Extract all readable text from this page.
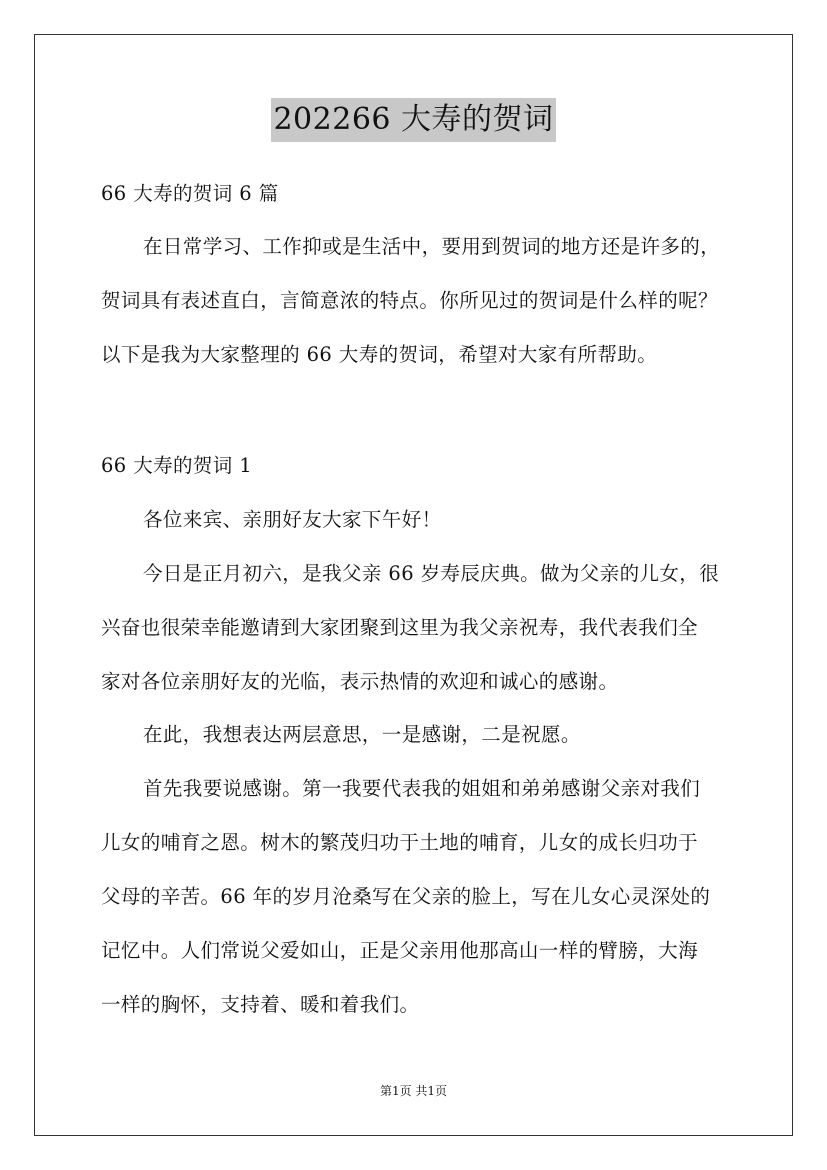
202266 大寿的贺词
66 大寿的贺词 6 篇
在日常学习、工作抑或是生活中，要用到贺词的地方还是许多的，
贺词具有表述直白，言简意浓的特点。你所见过的贺词是什么样的呢？
以下是我为大家整理的 66 大寿的贺词，希望对大家有所帮助。
66 大寿的贺词 1
各位来宾、亲朋好友大家下午好！
今日是正月初六，是我父亲 66 岁寿辰庆典。做为父亲的儿女，很
兴奋也很荣幸能邀请到大家团聚到这里为我父亲祝寿，我代表我们全
家对各位亲朋好友的光临，表示热情的欢迎和诚心的感谢。
在此，我想表达两层意思，一是感谢，二是祝愿。
首先我要说感谢。第一我要代表我的姐姐和弟弟感谢父亲对我们
儿女的哺育之恩。树木的繁茂归功于土地的哺育，儿女的成长归功于
父母的辛苦。66 年的岁月沧桑写在父亲的脸上，写在儿女心灵深处的
记忆中。人们常说父爱如山，正是父亲用他那高山一样的臂膀，大海
一样的胸怀，支持着、暖和着我们。
第1页 共1页
